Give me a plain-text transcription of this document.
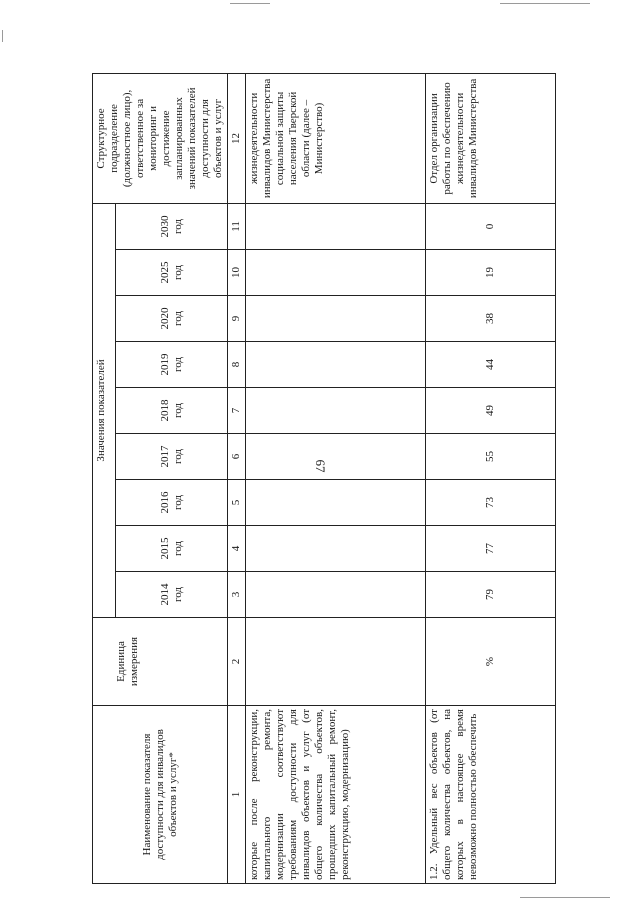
67
Наименование показателя доступности для инвалидов объектов и услуг*	Единица измерения	Значения показателей									Структурное подразделение (должностное лицо), ответственное за мониторинг и достижение запланированных значений показателей доступности для объектов и услуг
		2014 год	2015 год	2016 год	2017 год	2018 год	2019 год	2020 год	2025 год	2030 год	
1	2	3	4	5	6	7	8	9	10	11	12
которые после реконструкции, капитального ремонта, модернизации соответствуют требованиям доступности для инвалидов объектов и услуг (от общего количества объектов, прошедших капитальный ремонт, реконструкцию, модернизацию)											жизнедеятельности инвалидов Министерства социальной защиты населения Тверской области (далее – Министерство)
1.2. Удельный вес объектов (от общего количества объектов, на которых в настоящее время невозможно полностью обеспечить	%	79	77	73	55	49	44	38	19	0	Отдел организации работы по обеспечению жизнедеятельности инвалидов Министерства
